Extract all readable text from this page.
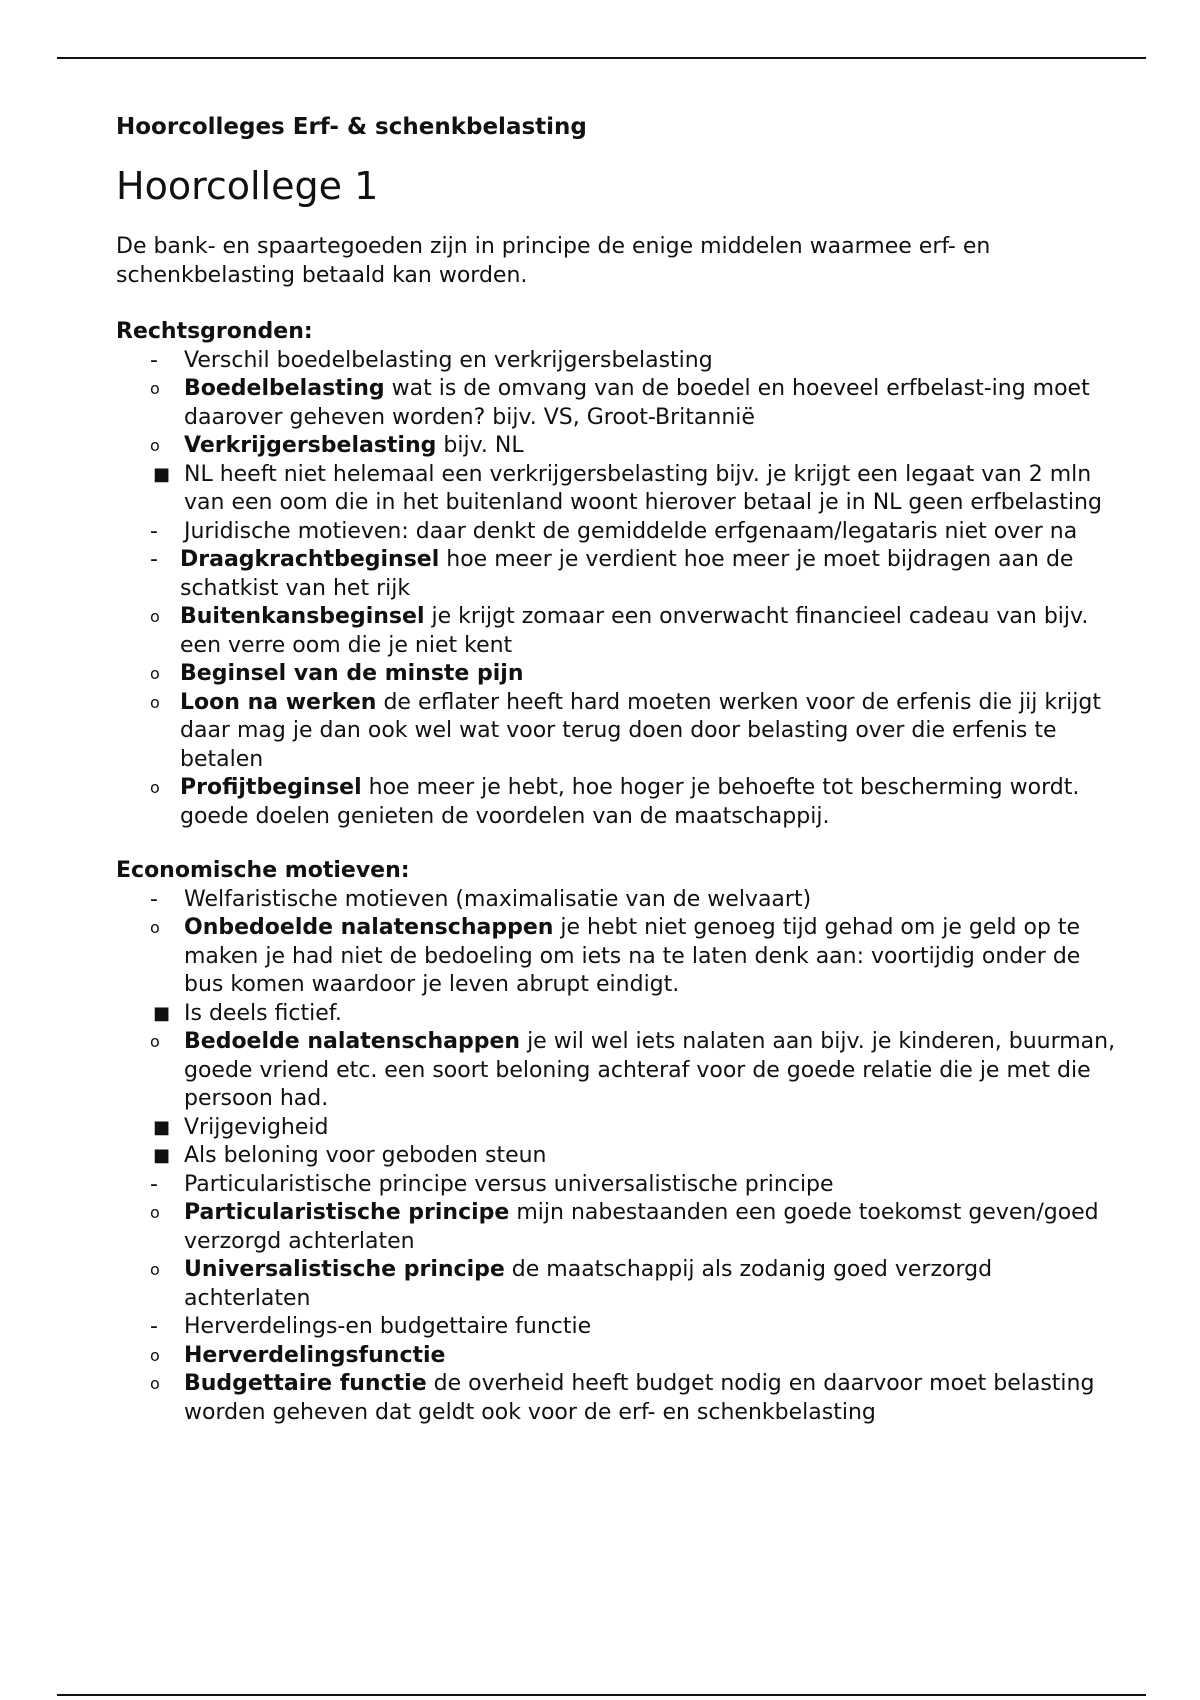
Hoorcolleges Erf- & schenkbelasting
Hoorcollege 1
De bank- en spaartegoeden zijn in principe de enige middelen waarmee erf- en schenkbelasting betaald kan worden.
Rechtsgronden:
-	Verschil boedelbelasting en verkrijgersbelasting
o	Boedelbelasting wat is de omvang van de boedel en hoeveel erfbelast-ing moet daarover geheven worden? bijv. VS, Groot-Britannië
o	Verkrijgersbelasting bijv. NL
■ NL heeft niet helemaal een verkrijgersbelasting bijv. je krijgt een legaat van 2 mln van een oom die in het buitenland woont hierover betaal je in NL geen erfbelasting
-	Juridische motieven: daar denkt de gemiddelde erfgenaam/legataris niet over na
-	Draagkrachtbeginsel hoe meer je verdient hoe meer je moet bijdragen aan de schatkist van het rijk
o Buitenkansbeginsel je krijgt zomaar een onverwacht financieel cadeau van bijv. een verre oom die je niet kent
o Beginsel van de minste pijn
o Loon na werken de erflater heeft hard moeten werken voor de erfenis die jij krijgt daar mag je dan ook wel wat voor terug doen door belasting over die erfenis te betalen
o Profijtbeginsel hoe meer je hebt, hoe hoger je behoefte tot bescherming wordt. goede doelen genieten de voordelen van de maatschappij.
Economische motieven:
-	Welfaristische motieven (maximalisatie van de welvaart)
o	Onbedoelde nalatenschappen je hebt niet genoeg tijd gehad om je geld op te maken je had niet de bedoeling om iets na te laten denk aan: voortijdig onder de bus komen waardoor je leven abrupt eindigt.
■ Is deels fictief.
o	Bedoelde nalatenschappen je wil wel iets nalaten aan bijv. je kinderen, buurman, goede vriend etc. een soort beloning achteraf voor de goede relatie die je met die persoon had.
■ Vrijgevigheid
■ Als beloning voor geboden steun
-	Particularistische principe versus universalistische principe
o	Particularistische principe mijn nabestaanden een goede toekomst geven/goed verzorgd achterlaten
o	Universalistische principe de maatschappij als zodanig goed verzorgd achterlaten
-	Herverdelings-en budgettaire functie
o	Herverdelingsfunctie
o	Budgettaire functie de overheid heeft budget nodig en daarvoor moet belasting worden geheven dat geldt ook voor de erf- en schenkbelasting
